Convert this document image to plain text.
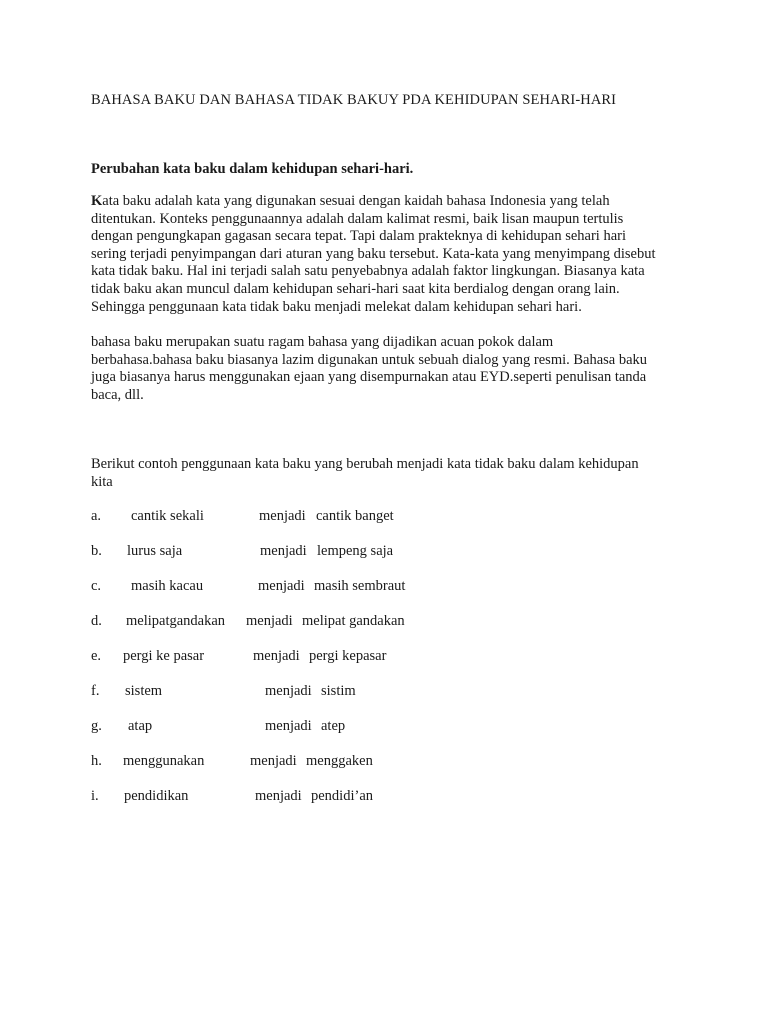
BAHASA BAKU DAN BAHASA TIDAK BAKUY PDA KEHIDUPAN SEHARI-HARI
Perubahan kata baku dalam kehidupan sehari-hari.
Kata baku adalah kata yang digunakan sesuai dengan kaidah bahasa Indonesia yang telah
ditentukan. Konteks penggunaannya adalah dalam kalimat resmi, baik lisan maupun tertulis
dengan pengungkapan gagasan secara tepat. Tapi dalam prakteknya di kehidupan sehari hari
sering terjadi penyimpangan dari aturan yang baku tersebut. Kata-kata yang menyimpang disebut
kata tidak baku. Hal ini terjadi salah satu penyebabnya adalah faktor lingkungan. Biasanya kata
tidak baku akan muncul dalam kehidupan sehari-hari saat kita berdialog dengan orang lain.
Sehingga penggunaan kata tidak baku menjadi melekat dalam kehidupan sehari hari.
bahasa baku merupakan suatu ragam bahasa yang dijadikan acuan pokok dalam
berbahasa.bahasa baku biasanya lazim digunakan untuk sebuah dialog yang resmi. Bahasa baku
juga biasanya harus menggunakan ejaan yang disempurnakan atau EYD.seperti penulisan tanda
baca, dll.
Berikut contoh penggunaan kata baku yang berubah menjadi kata tidak baku dalam kehidupan
kita
a. cantik sekali	menjadi cantik banget
b. lurus saja	menjadi lempeng saja
c. masih kacau	menjadi masih sembraut
d. melipatgandakan menjadi melipat gandakan
e. pergi ke pasar	menjadi pergi kepasar
f. sistem	menjadi sistim
g. atap	menjadi atep
h. menggunakan	menjadi menggaken
i. pendidikan	menjadi pendidi’an
